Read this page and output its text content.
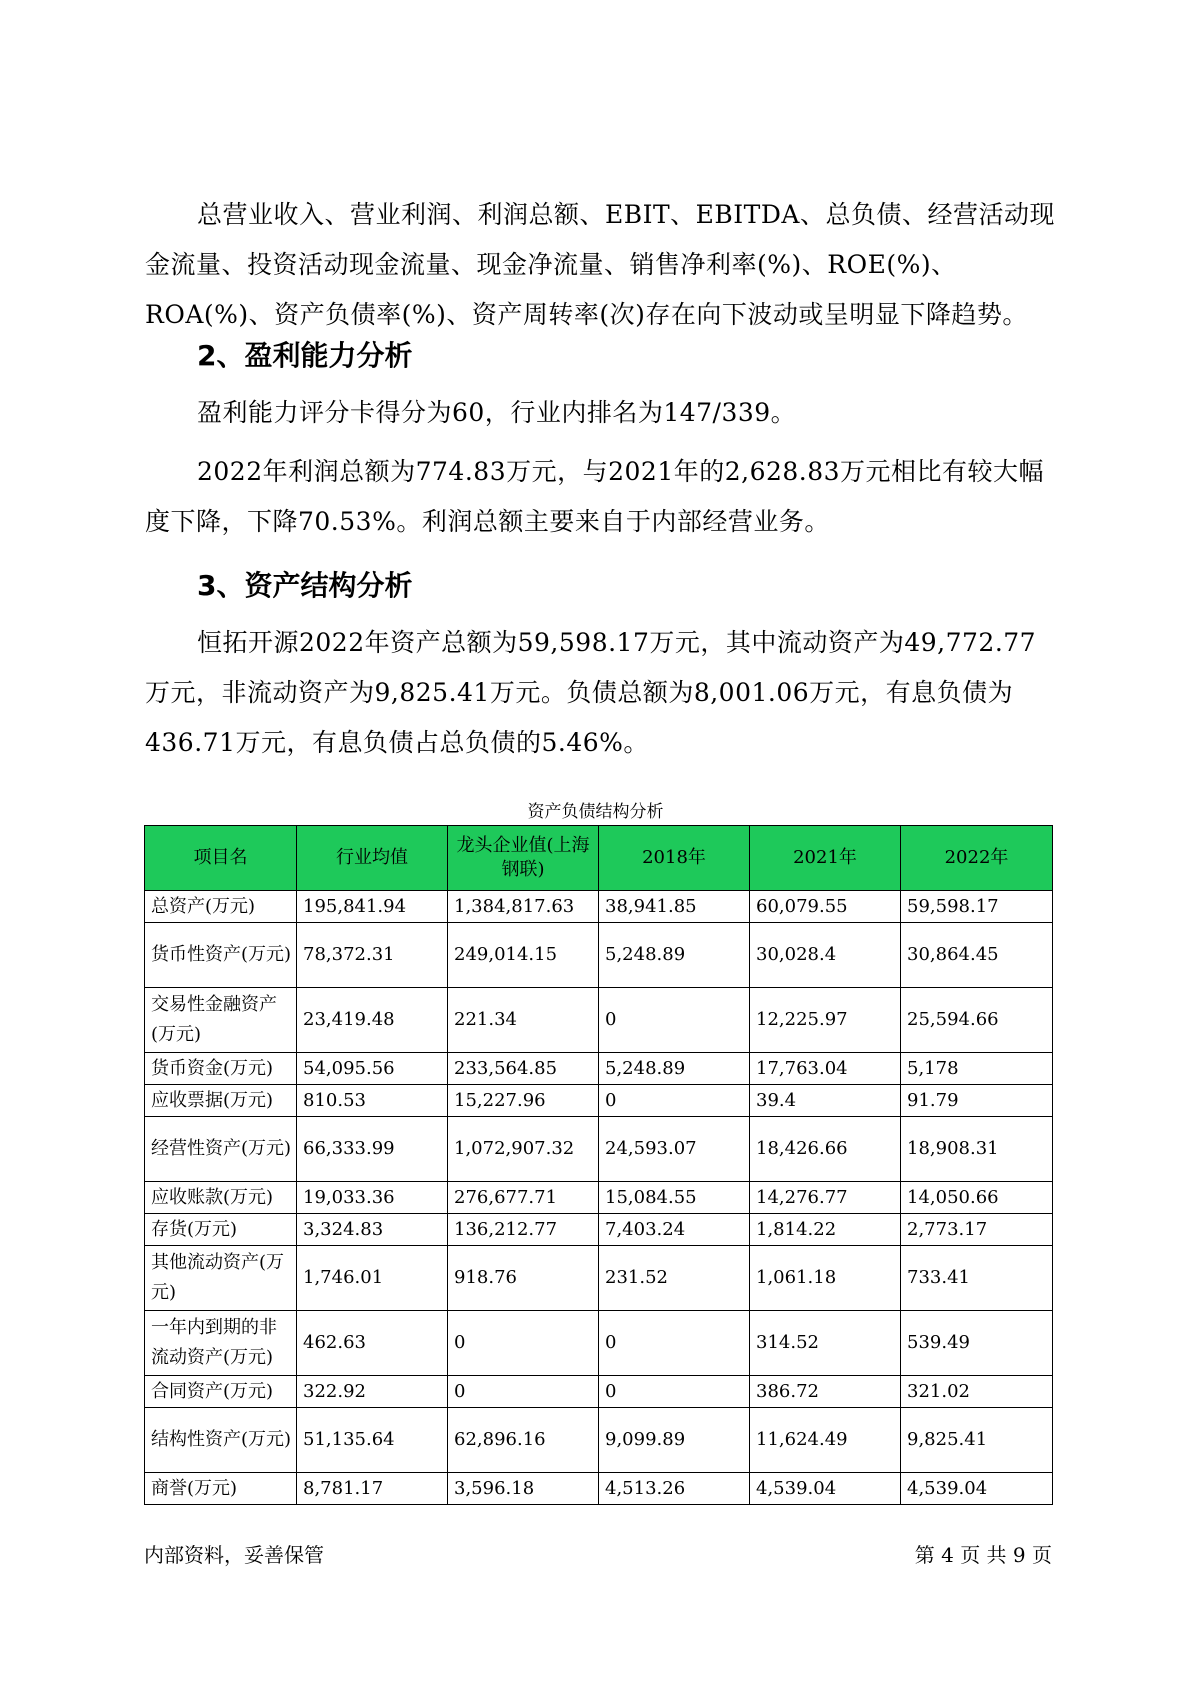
总营业收入、营业利润、利润总额、EBIT、EBITDA、总负债、经营活动现金流量、投资活动现金流量、现金净流量、销售净利率(%)、ROE(%)、ROA(%)、资产负债率(%)、资产周转率(次)存在向下波动或呈明显下降趋势。

2、盈利能力分析

盈利能力评分卡得分为60，行业内排名为147/339。

2022年利润总额为774.83万元，与2021年的2,628.83万元相比有较大幅度下降，下降70.53%。利润总额主要来自于内部经营业务。

3、资产结构分析

恒拓开源2022年资产总额为59,598.17万元，其中流动资产为49,772.77万元，非流动资产为9,825.41万元。负债总额为8,001.06万元，有息负债为436.71万元，有息负债占总负债的5.46%。

资产负债结构分析
项目名	行业均值	龙头企业值(上海钢联)	2018年	2021年	2022年
总资产(万元)	195,841.94	1,384,817.63	38,941.85	60,079.55	59,598.17
货币性资产(万元)	78,372.31	249,014.15	5,248.89	30,028.4	30,864.45
交易性金融资产(万元)	23,419.48	221.34	0	12,225.97	25,594.66
货币资金(万元)	54,095.56	233,564.85	5,248.89	17,763.04	5,178
应收票据(万元)	810.53	15,227.96	0	39.4	91.79
经营性资产(万元)	66,333.99	1,072,907.32	24,593.07	18,426.66	18,908.31
应收账款(万元)	19,033.36	276,677.71	15,084.55	14,276.77	14,050.66
存货(万元)	3,324.83	136,212.77	7,403.24	1,814.22	2,773.17
其他流动资产(万元)	1,746.01	918.76	231.52	1,061.18	733.41
一年内到期的非流动资产(万元)	462.63	0	0	314.52	539.49
合同资产(万元)	322.92	0	0	386.72	321.02
结构性资产(万元)	51,135.64	62,896.16	9,099.89	11,624.49	9,825.41
商誉(万元)	8,781.17	3,596.18	4,513.26	4,539.04	4,539.04
内部资料，妥善保管	第 4 页 共 9 页
